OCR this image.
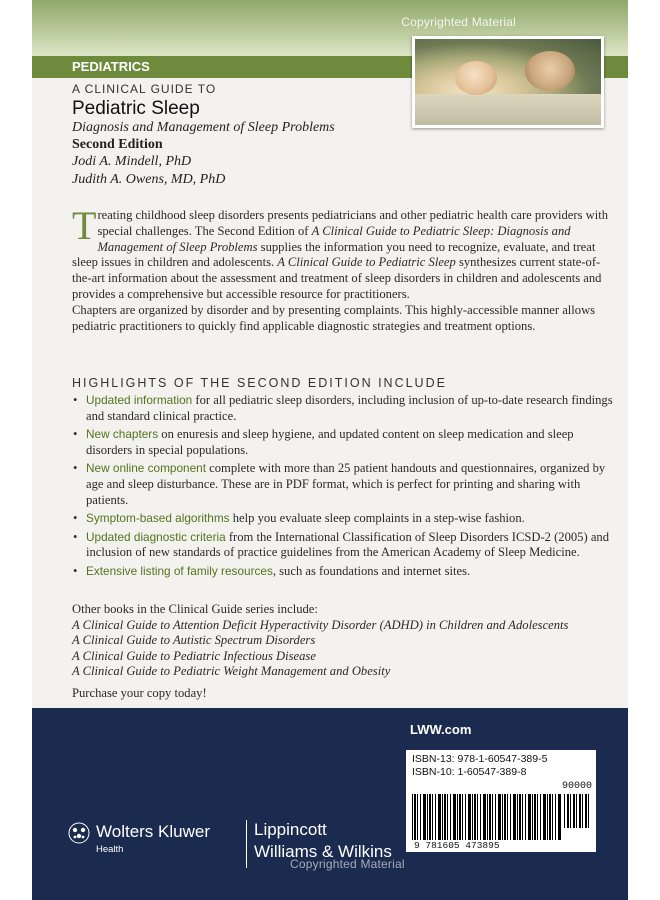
Copyrighted Material
PEDIATRICS
A CLINICAL GUIDE TO
Pediatric Sleep
Diagnosis and Management of Sleep Problems
Second Edition
Jodi A. Mindell, PhD
Judith A. Owens, MD, PhD

Treating childhood sleep disorders presents pediatricians and other pediatric health care providers with special challenges. The Second Edition of A Clinical Guide to Pediatric Sleep: Diagnosis and Management of Sleep Problems supplies the information you need to recognize, evaluate, and treat sleep issues in children and adolescents. A Clinical Guide to Pediatric Sleep synthesizes current state-of-the-art information about the assessment and treatment of sleep disorders in children and adolescents and provides a comprehensive but accessible resource for practitioners.

Chapters are organized by disorder and by presenting complaints. This highly-accessible manner allows pediatric practitioners to quickly find applicable diagnostic strategies and treatment options.

HIGHLIGHTS OF THE SECOND EDITION INCLUDE
• Updated information for all pediatric sleep disorders, including inclusion of up-to-date research findings and standard clinical practice.
• New chapters on enuresis and sleep hygiene, and updated content on sleep medication and sleep disorders in special populations.
• New online component complete with more than 25 patient handouts and questionnaires, organized by age and sleep disturbance. These are in PDF format, which is perfect for printing and sharing with patients.
• Symptom-based algorithms help you evaluate sleep complaints in a step-wise fashion.
• Updated diagnostic criteria from the International Classification of Sleep Disorders ICSD-2 (2005) and inclusion of new standards of practice guidelines from the American Academy of Sleep Medicine.
• Extensive listing of family resources, such as foundations and internet sites.

Other books in the Clinical Guide series include:

A Clinical Guide to Attention Deficit Hyperactivity Disorder (ADHD) in Children and Adolescents
A Clinical Guide to Autistic Spectrum Disorders
A Clinical Guide to Pediatric Infectious Disease
A Clinical Guide to Pediatric Weight Management and Obesity
Purchase your copy today!
LWW.com
ISBN-13: 978-1-60547-389-5
ISBN-10: 1-60547-389-8
90000
9 781605 473895
Wolters Kluwer
Health
Lippincott
Williams & Wilkins
Copyrighted Material
